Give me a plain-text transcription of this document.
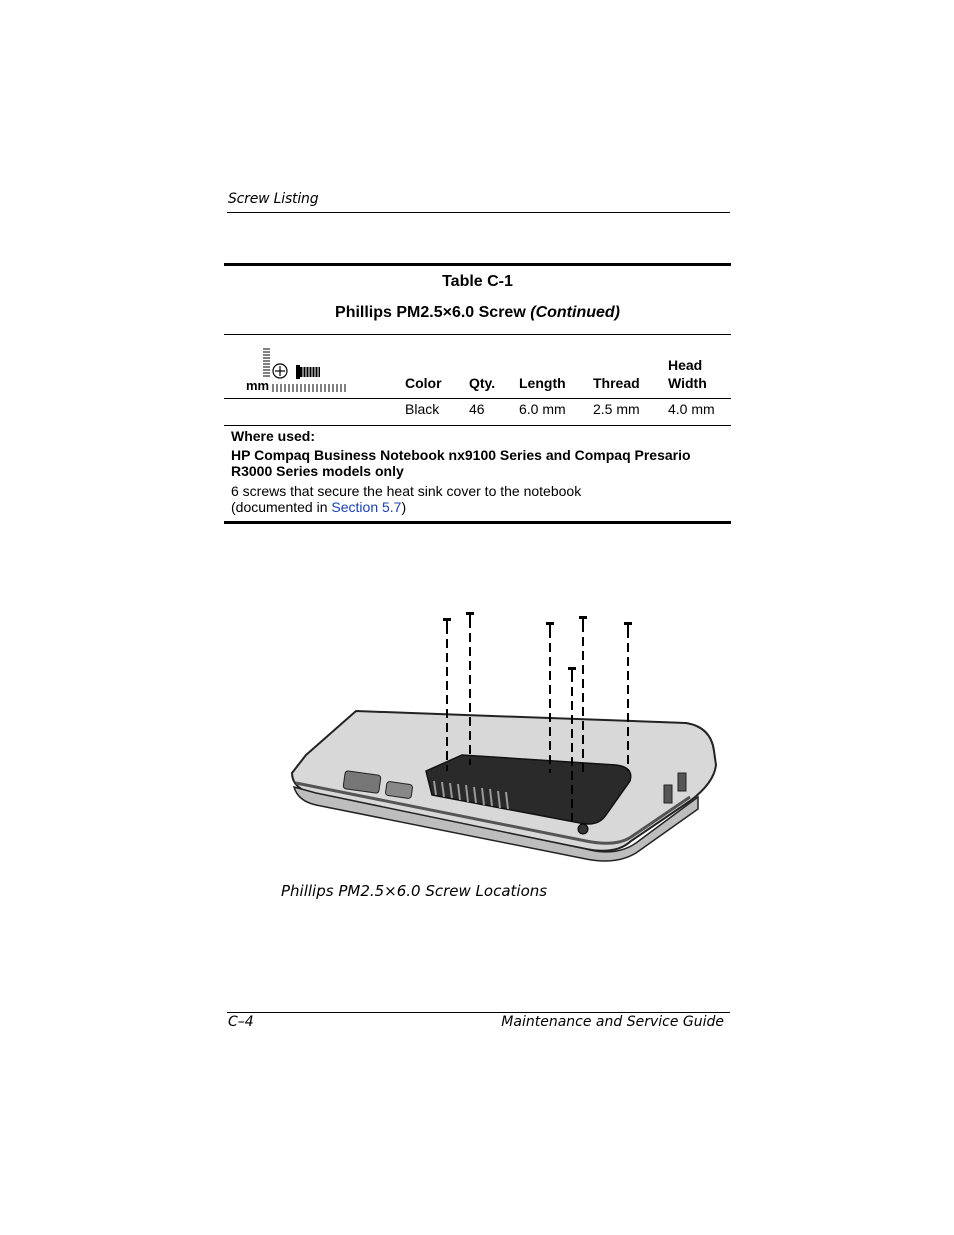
Screw Listing
Table C-1
Phillips PM2.5×6.0 Screw (Continued)
mm	Color Qty. Length Thread
Head
Width
Black 46 6.0 mm 2.5 mm 4.0 mm
Where used:
HP Compaq Business Notebook nx9100 Series and Compaq Presario
R3000 Series models only
6 screws that secure the heat sink cover to the notebook
(documented in Section 5.7)
Phillips PM2.5×6.0 Screw Locations
C–4	Maintenance and Service Guide
